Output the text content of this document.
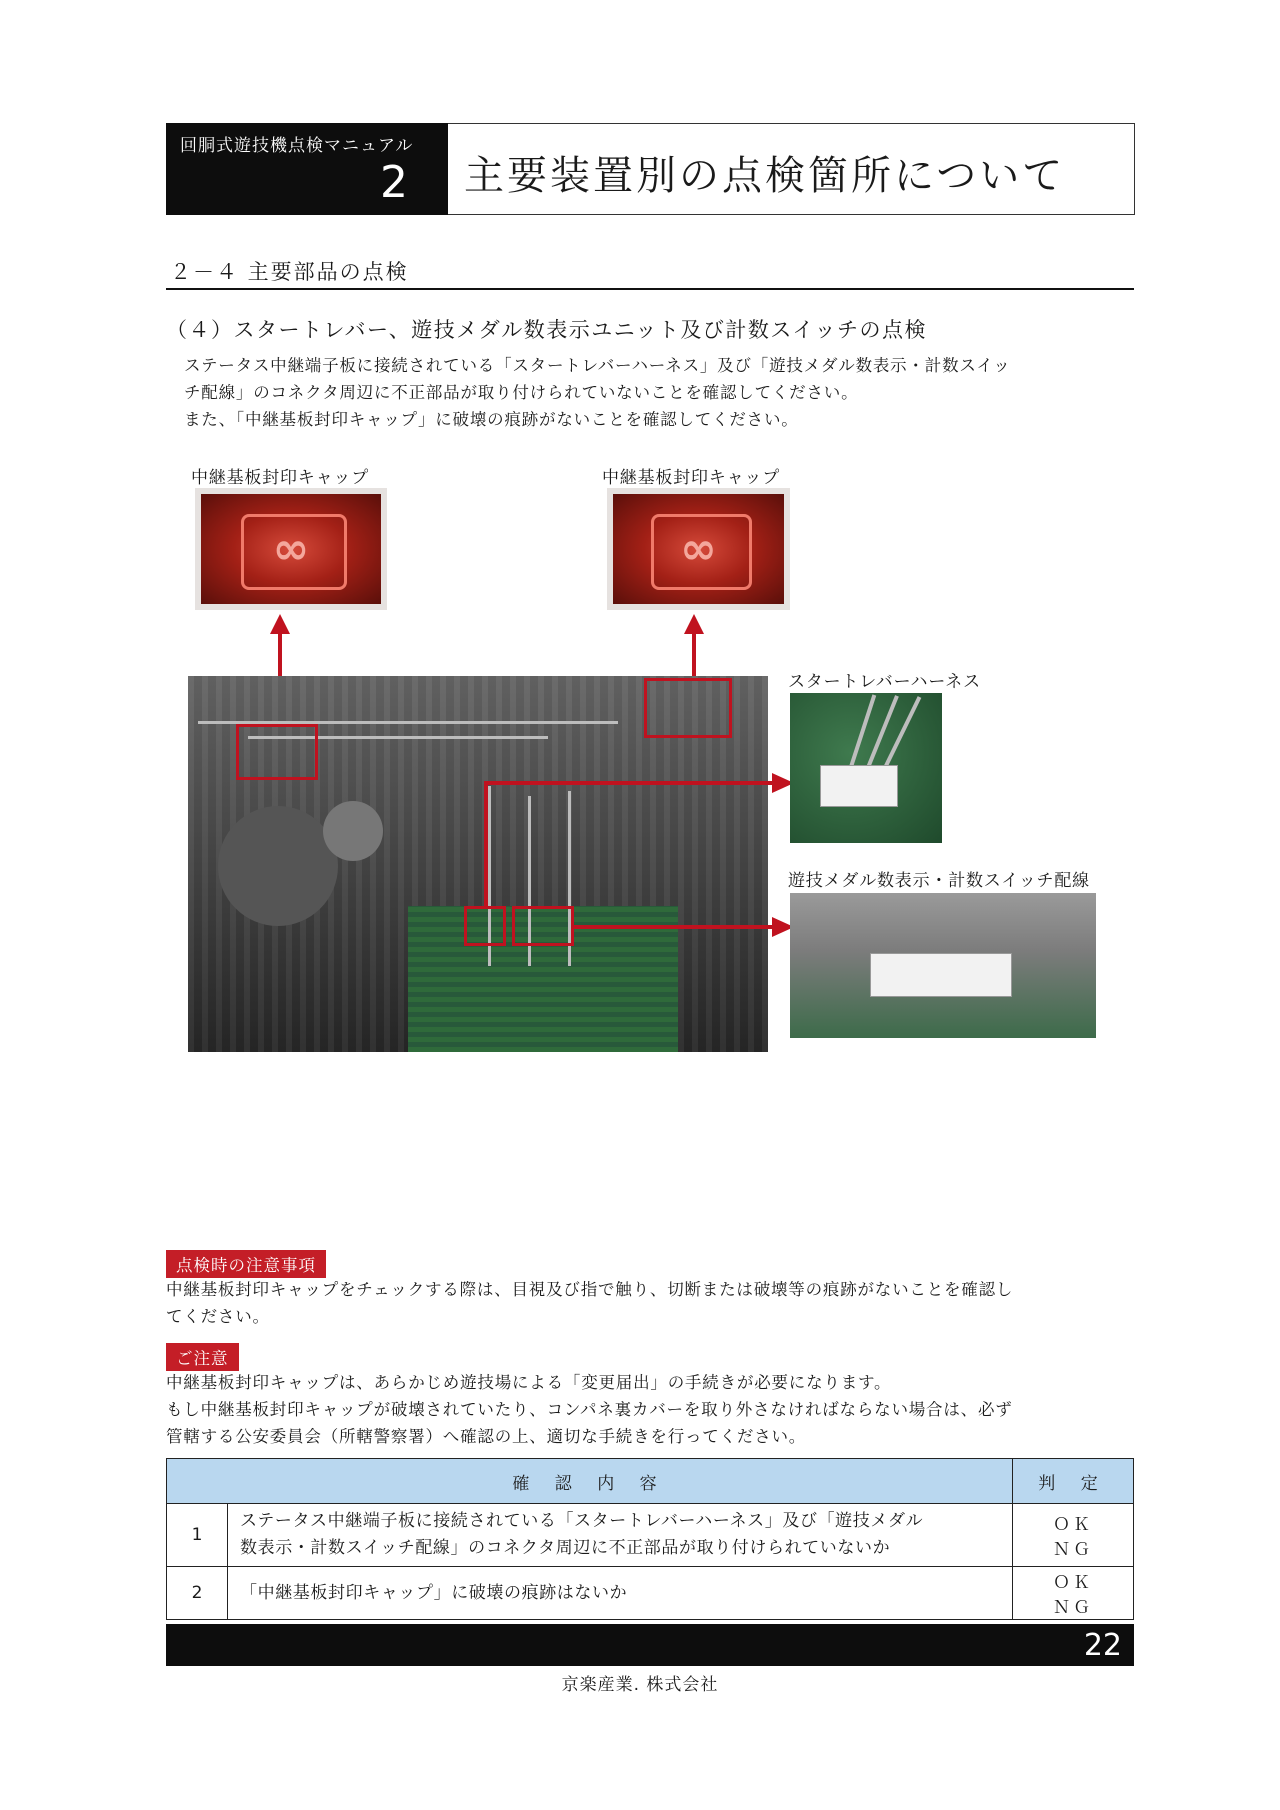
回胴式遊技機点検マニュアル
2 主要装置別の点検箇所について
２－４ 主要部品の点検
（４）スタートレバー、遊技メダル数表示ユニット及び計数スイッチの点検
ステータス中継端子板に接続されている「スタートレバーハーネス」及び「遊技メダル数表示・計数スイッ
チ配線」のコネクタ周辺に不正部品が取り付けられていないことを確認してください。
また、「中継基板封印キャップ」に破壊の痕跡がないことを確認してください。
中継基板封印キャップ	中継基板封印キャップ
∞	∞
スタートレバーハーネス
遊技メダル数表示・計数スイッチ配線
点検時の注意事項
中継基板封印キャップをチェックする際は、目視及び指で触り、切断または破壊等の痕跡がないことを確認し
てください。
ご注意
中継基板封印キャップは、あらかじめ遊技場による「変更届出」の手続きが必要になります。
もし中継基板封印キャップが破壊されていたり、コンパネ裏カバーを取り外さなければならない場合は、必ず
管轄する公安委員会（所轄警察署）へ確認の上、適切な手続きを行ってください。
確 認 内 容		判 定
1	ステータス中継端子板に接続されている「スタートレバーハーネス」及び「遊技メダル
数表示・計数スイッチ配線」のコネクタ周辺に不正部品が取り付けられていないか	ＯＫＮＧ
2	「中継基板封印キャップ」に破壊の痕跡はないか	ＯＫＮＧ
22
京楽産業. 株式会社
